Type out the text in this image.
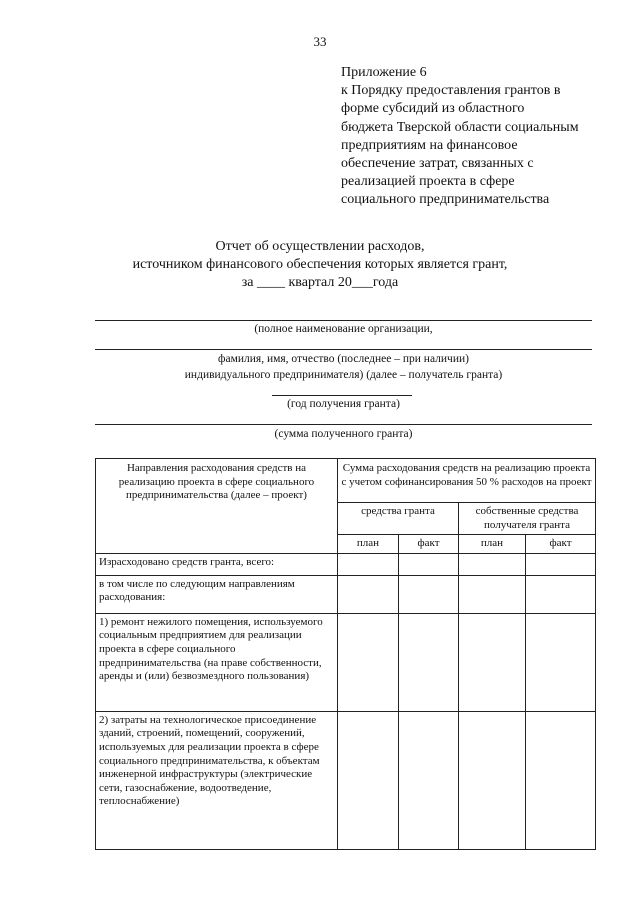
33
Приложение 6
к Порядку предоставления грантов в
форме субсидий из областного
бюджета Тверской области социальным
предприятиям на финансовое
обеспечение затрат, связанных с
реализацией проекта в сфере
социального предпринимательства
Отчет об осуществлении расходов,
источником финансового обеспечения которых является грант,
за ____ квартал 20___года
(полное наименование организации,
фамилия, имя, отчество (последнее – при наличии)
индивидуального предпринимателя) (далее – получатель гранта)
(год получения гранта)
(сумма полученного гранта)
Направления расходования средств на реализацию проекта в сфере социального предпринимательства (далее – проект)	Сумма расходования средств на реализацию проекта с учетом софинансирования 50 % расходов на проект			
	средства гранта		собственные средства получателя гранта	
	план	факт	план	факт
Израсходовано средств гранта, всего:				
в том числе по следующим направлениям расходования:				
1) ремонт нежилого помещения, используемого социальным предприятием для реализации проекта в сфере социального предпринимательства (на праве собственности, аренды и (или) безвозмездного пользования)				
2) затраты на технологическое присоединение зданий, строений, помещений, сооружений, используемых для реализации проекта в сфере социального предпринимательства, к объектам инженерной инфраструктуры (электрические сети, газоснабжение, водоотведение, теплоснабжение)				
